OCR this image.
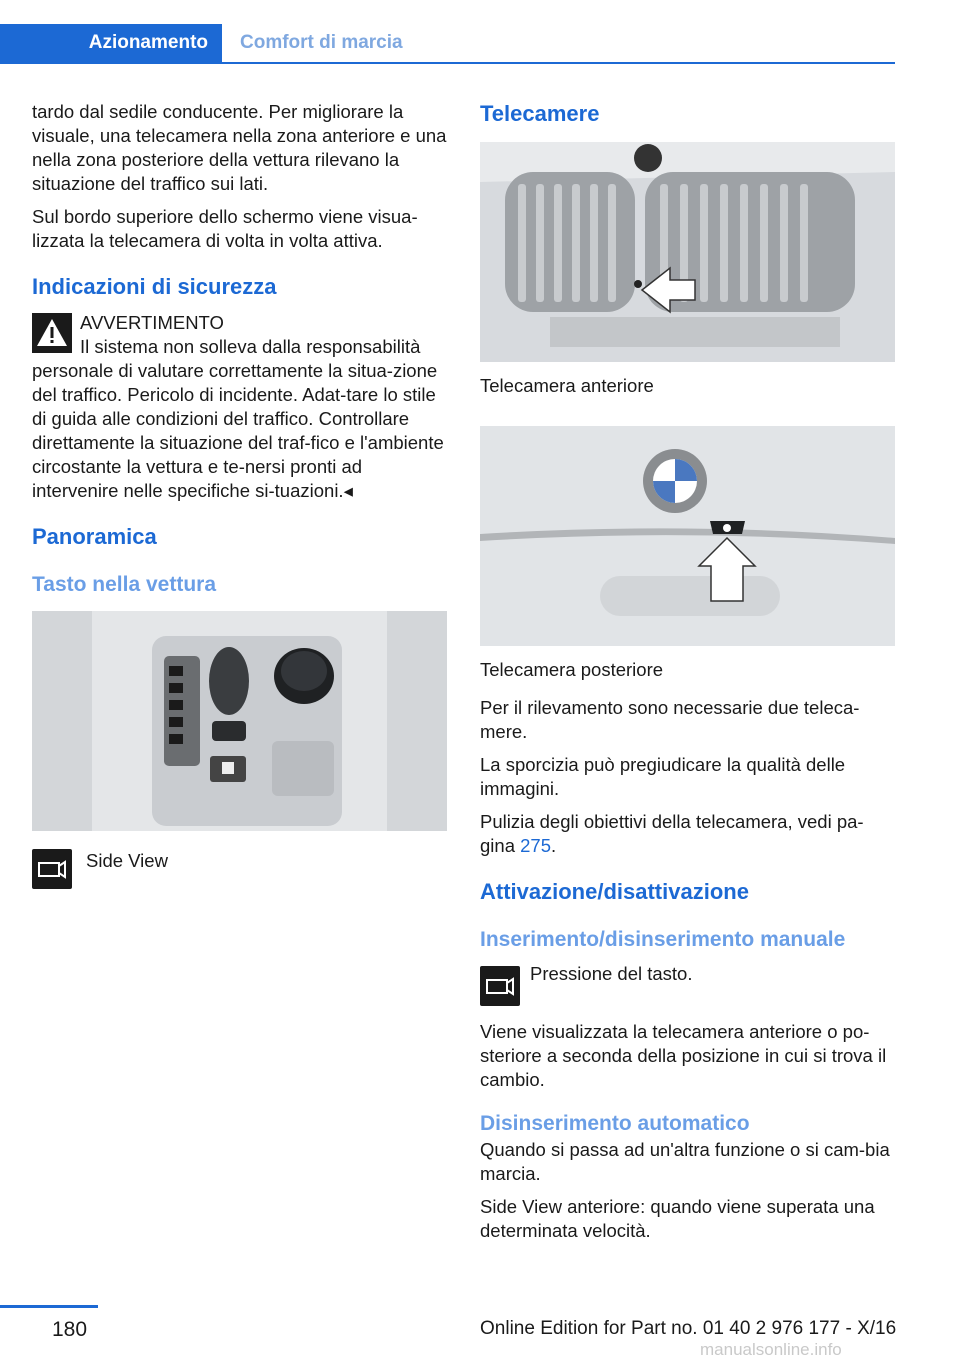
Azionamento	Comfort di marcia

tardo dal sedile conducente. Per migliorare la visuale, una telecamera nella zona anteriore e una nella zona posteriore della vettura rilevano la situazione del traffico sui lati.

Sul bordo superiore dello schermo viene visua-lizzata la telecamera di volta in volta attiva.

Indicazioni di sicurezza
AVVERTIMENTO
Il sistema non solleva dalla responsabilità personale di valutare correttamente la situa-zione del traffico. Pericolo di incidente. Adat-tare lo stile di guida alle condizioni del traffico. Controllare direttamente la situazione del traf-fico e l'ambiente circostante la vettura e te-nersi pronti ad intervenire nelle specifiche si-tuazioni.◂
Panoramica
Tasto nella vettura
Side View
Telecamere

Telecamera anteriore

Telecamera posteriore

Per il rilevamento sono necessarie due teleca-mere.

La sporcizia può pregiudicare la qualità delle immagini.

Pulizia degli obiettivi della telecamera, vedi pa-gina 275.

Attivazione/disattivazione
Inserimento/disinserimento manuale
Pressione del tasto.

Viene visualizzata la telecamera anteriore o po-steriore a seconda della posizione in cui si trova il cambio.

Disinserimento automatico

Quando si passa ad un'altra funzione o si cam-bia marcia.

Side View anteriore: quando viene superata una determinata velocità.

180	Online Edition for Part no. 01 40 2 976 177 - X/16
manualsonline.info
